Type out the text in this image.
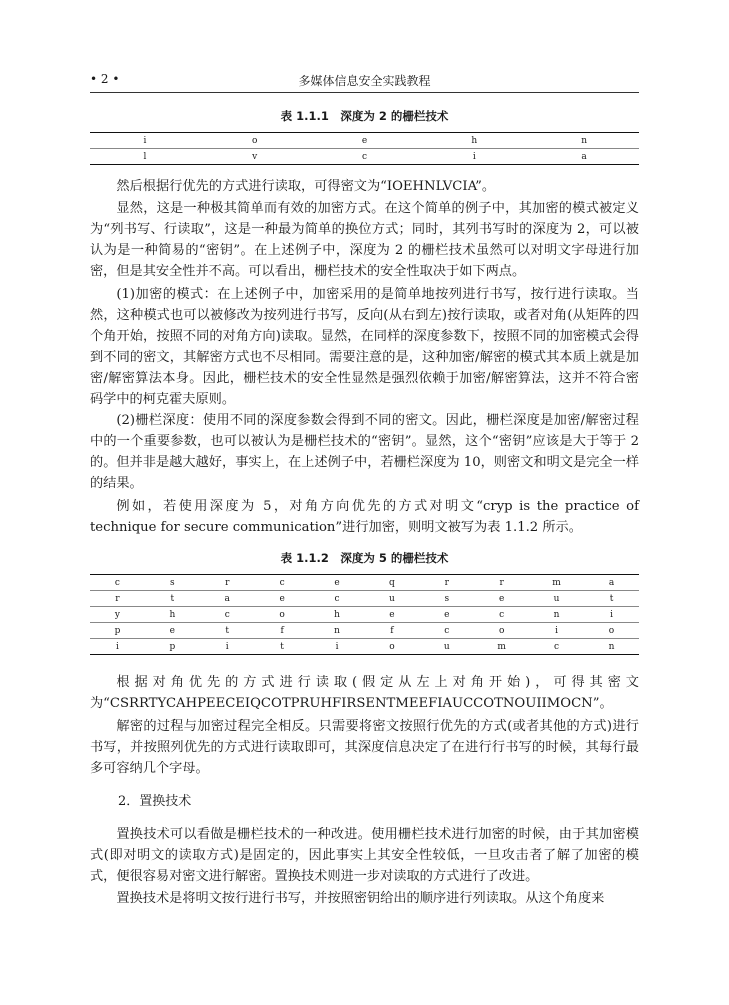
• 2 •	多媒体信息安全实践教程
表 1.1.1　深度为 2 的栅栏技术
i	o	e	h	n
l	v	c	i	a

然后根据行优先的方式进行读取，可得密文为“IOEHNLVCIA”。

显然，这是一种极其简单而有效的加密方式。在这个简单的例子中，其加密的模式被定义为“列书写、行读取”，这是一种最为简单的换位方式；同时，其列书写时的深度为 2，可以被认为是一种简易的“密钥”。在上述例子中，深度为 2 的栅栏技术虽然可以对明文字母进行加密，但是其安全性并不高。可以看出，栅栏技术的安全性取决于如下两点。

(1)加密的模式：在上述例子中，加密采用的是简单地按列进行书写，按行进行读取。当然，这种模式也可以被修改为按列进行书写，反向(从右到左)按行读取，或者对角(从矩阵的四个角开始，按照不同的对角方向)读取。显然，在同样的深度参数下，按照不同的加密模式会得到不同的密文，其解密方式也不尽相同。需要注意的是，这种加密/解密的模式其本质上就是加密/解密算法本身。因此，栅栏技术的安全性显然是强烈依赖于加密/解密算法，这并不符合密码学中的柯克霍夫原则。

(2)栅栏深度：使用不同的深度参数会得到不同的密文。因此，栅栏深度是加密/解密过程中的一个重要参数，也可以被认为是栅栏技术的“密钥”。显然，这个“密钥”应该是大于等于 2 的。但并非是越大越好，事实上，在上述例子中，若栅栏深度为 10，则密文和明文是完全一样的结果。

例如，若使用深度为 5，对角方向优先的方式对明文“cryp is the practice of technique for secure communication”进行加密，则明文被写为表 1.1.2 所示。

表 1.1.2　深度为 5 的栅栏技术
c	s	r	c	e	q	r	r	m	a
r	t	a	e	c	u	s	e	u	t
y	h	c	o	h	e	e	c	n	i
p	e	t	f	n	f	c	o	i	o
i	p	i	t	i	o	u	m	c	n

根据对角优先的方式进行读取(假定从左上对角开始)，可得其密文为“CSRRTYCAHPEECEIQCOTPRUHFIRSENTMEEFIAUCCOTNOUIIMOCN”。

解密的过程与加密过程完全相反。只需要将密文按照行优先的方式(或者其他的方式)进行书写，并按照列优先的方式进行读取即可，其深度信息决定了在进行行书写的时候，其每行最多可容纳几个字母。

2．置换技术

置换技术可以看做是栅栏技术的一种改进。使用栅栏技术进行加密的时候，由于其加密模式(即对明文的读取方式)是固定的，因此事实上其安全性较低，一旦攻击者了解了加密的模式，便很容易对密文进行解密。置换技术则进一步对读取的方式进行了改进。

置换技术是将明文按行进行书写，并按照密钥给出的顺序进行列读取。从这个角度来
